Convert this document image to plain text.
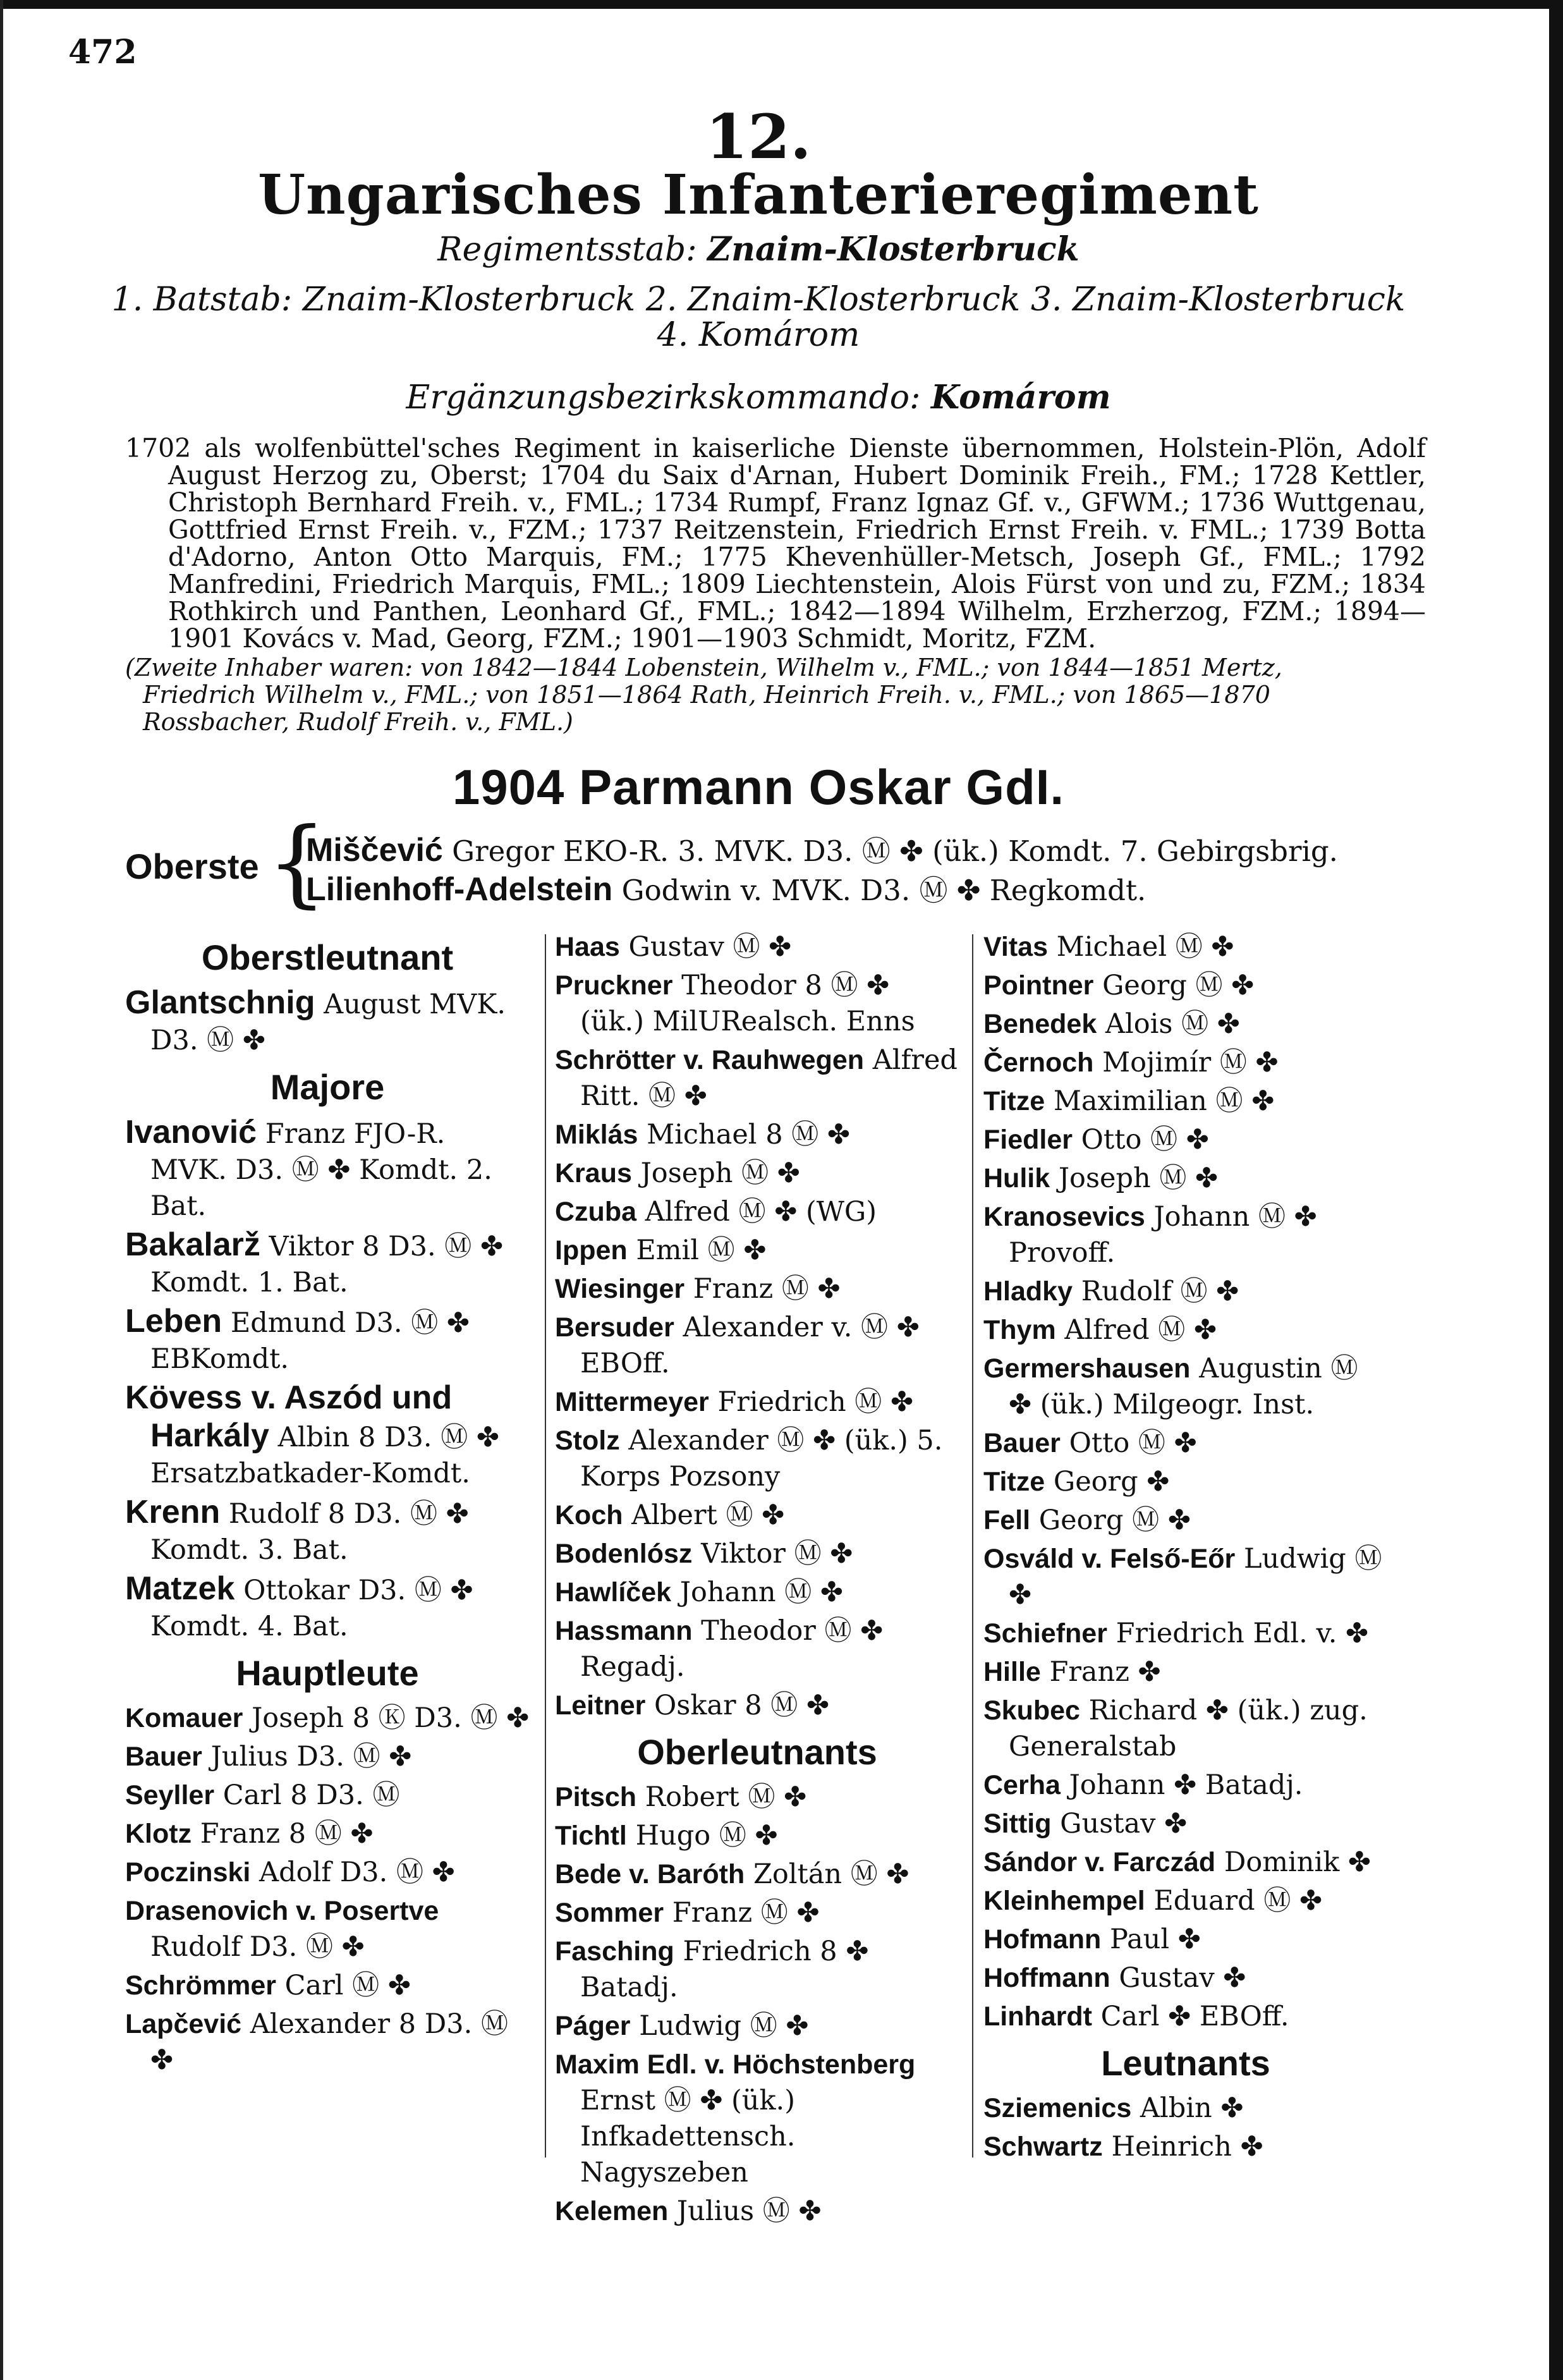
472
12.
Ungarisches Infanterieregiment
Regimentsstab: Znaim-Klosterbruck
1. Batstab: Znaim-Klosterbruck 2. Znaim-Klosterbruck 3. Znaim-Klosterbruck
4. Komárom
Ergänzungsbezirkskommando: Komárom

1702 als wolfenbüttel'sches Regiment in kaiserliche Dienste übernommen, Holstein-Plön, Adolf August Herzog zu, Oberst; 1704 du Saix d'Arnan, Hubert Dominik Freih., FM.; 1728 Kettler, Christoph Bernhard Freih. v., FML.; 1734 Rumpf, Franz Ignaz Gf. v., GFWM.; 1736 Wuttgenau, Gottfried Ernst Freih. v., FZM.; 1737 Reitzenstein, Friedrich Ernst Freih. v. FML.; 1739 Botta d'Adorno, Anton Otto Marquis, FM.; 1775 Khevenhüller-Metsch, Joseph Gf., FML.; 1792 Manfredini, Friedrich Marquis, FML.; 1809 Liechtenstein, Alois Fürst von und zu, FZM.; 1834 Rothkirch und Panthen, Leonhard Gf., FML.; 1842—1894 Wilhelm, Erzherzog, FZM.; 1894—1901 Kovács v. Mad, Georg, FZM.; 1901—1903 Schmidt, Moritz, FZM.

(Zweite Inhaber waren: von 1842—1844 Lobenstein, Wilhelm v., FML.; von 1844—1851 Mertz, Friedrich Wilhelm v., FML.; von 1851—1864 Rath, Heinrich Freih. v., FML.; von 1865—1870 Rossbacher, Rudolf Freih. v., FML.)

1904 Parmann Oskar GdI.
Oberste {
Miščević Gregor EKO-R. 3. MVK. D3. Ⓜ ✤ (ük.) Komdt. 7. Gebirgsbrig.
Lilienhoff-Adelstein Godwin v. MVK. D3. Ⓜ ✤ Regkomdt.
Oberstleutnant
Glantschnig August MVK. D3. Ⓜ ✤
Majore
Ivanović Franz FJO-R. MVK. D3. Ⓜ ✤ Komdt. 2. Bat.
Bakalarž Viktor 8 D3. Ⓜ ✤ Komdt. 1. Bat.
Leben Edmund D3. Ⓜ ✤ EBKomdt.
Kövess v. Aszód und Harkály Albin 8 D3. Ⓜ ✤ Ersatzbatkader-Komdt.
Krenn Rudolf 8 D3. Ⓜ ✤ Komdt. 3. Bat.
Matzek Ottokar D3. Ⓜ ✤ Komdt. 4. Bat.
Hauptleute
Komauer Joseph 8 Ⓚ D3. Ⓜ ✤
Bauer Julius D3. Ⓜ ✤
Seyller Carl 8 D3. Ⓜ
Klotz Franz 8 Ⓜ ✤
Poczinski Adolf D3. Ⓜ ✤
Drasenovich v. Posertve Rudolf D3. Ⓜ ✤
Schrömmer Carl Ⓜ ✤
Lapčević Alexander 8 D3. Ⓜ ✤
Haas Gustav Ⓜ ✤
Pruckner Theodor 8 Ⓜ ✤ (ük.) MilURealsch. Enns
Schrötter v. Rauhwegen Alfred Ritt. Ⓜ ✤
Miklás Michael 8 Ⓜ ✤
Kraus Joseph Ⓜ ✤
Czuba Alfred Ⓜ ✤ (WG)
Ippen Emil Ⓜ ✤
Wiesinger Franz Ⓜ ✤
Bersuder Alexander v. Ⓜ ✤ EBOff.
Mittermeyer Friedrich Ⓜ ✤
Stolz Alexander Ⓜ ✤ (ük.) 5. Korps Pozsony
Koch Albert Ⓜ ✤
Bodenlósz Viktor Ⓜ ✤
Hawlíček Johann Ⓜ ✤
Hassmann Theodor Ⓜ ✤ Regadj.
Leitner Oskar 8 Ⓜ ✤
Oberleutnants
Pitsch Robert Ⓜ ✤
Tichtl Hugo Ⓜ ✤
Bede v. Baróth Zoltán Ⓜ ✤
Sommer Franz Ⓜ ✤
Fasching Friedrich 8 ✤ Batadj.
Páger Ludwig Ⓜ ✤
Maxim Edl. v. Höchstenberg Ernst Ⓜ ✤ (ük.) Infkadettensch. Nagyszeben
Kelemen Julius Ⓜ ✤
Vitas Michael Ⓜ ✤
Pointner Georg Ⓜ ✤
Benedek Alois Ⓜ ✤
Černoch Mojimír Ⓜ ✤
Titze Maximilian Ⓜ ✤
Fiedler Otto Ⓜ ✤
Hulik Joseph Ⓜ ✤
Kranosevics Johann Ⓜ ✤ Provoff.
Hladky Rudolf Ⓜ ✤
Thym Alfred Ⓜ ✤
Germershausen Augustin Ⓜ ✤ (ük.) Milgeogr. Inst.
Bauer Otto Ⓜ ✤
Titze Georg ✤
Fell Georg Ⓜ ✤
Osváld v. Felső-Eőr Ludwig Ⓜ ✤
Schiefner Friedrich Edl. v. ✤
Hille Franz ✤
Skubec Richard ✤ (ük.) zug. Generalstab
Cerha Johann ✤ Batadj.
Sittig Gustav ✤
Sándor v. Farczád Dominik ✤
Kleinhempel Eduard Ⓜ ✤
Hofmann Paul ✤
Hoffmann Gustav ✤
Linhardt Carl ✤ EBOff.
Leutnants
Sziemenics Albin ✤
Schwartz Heinrich ✤
